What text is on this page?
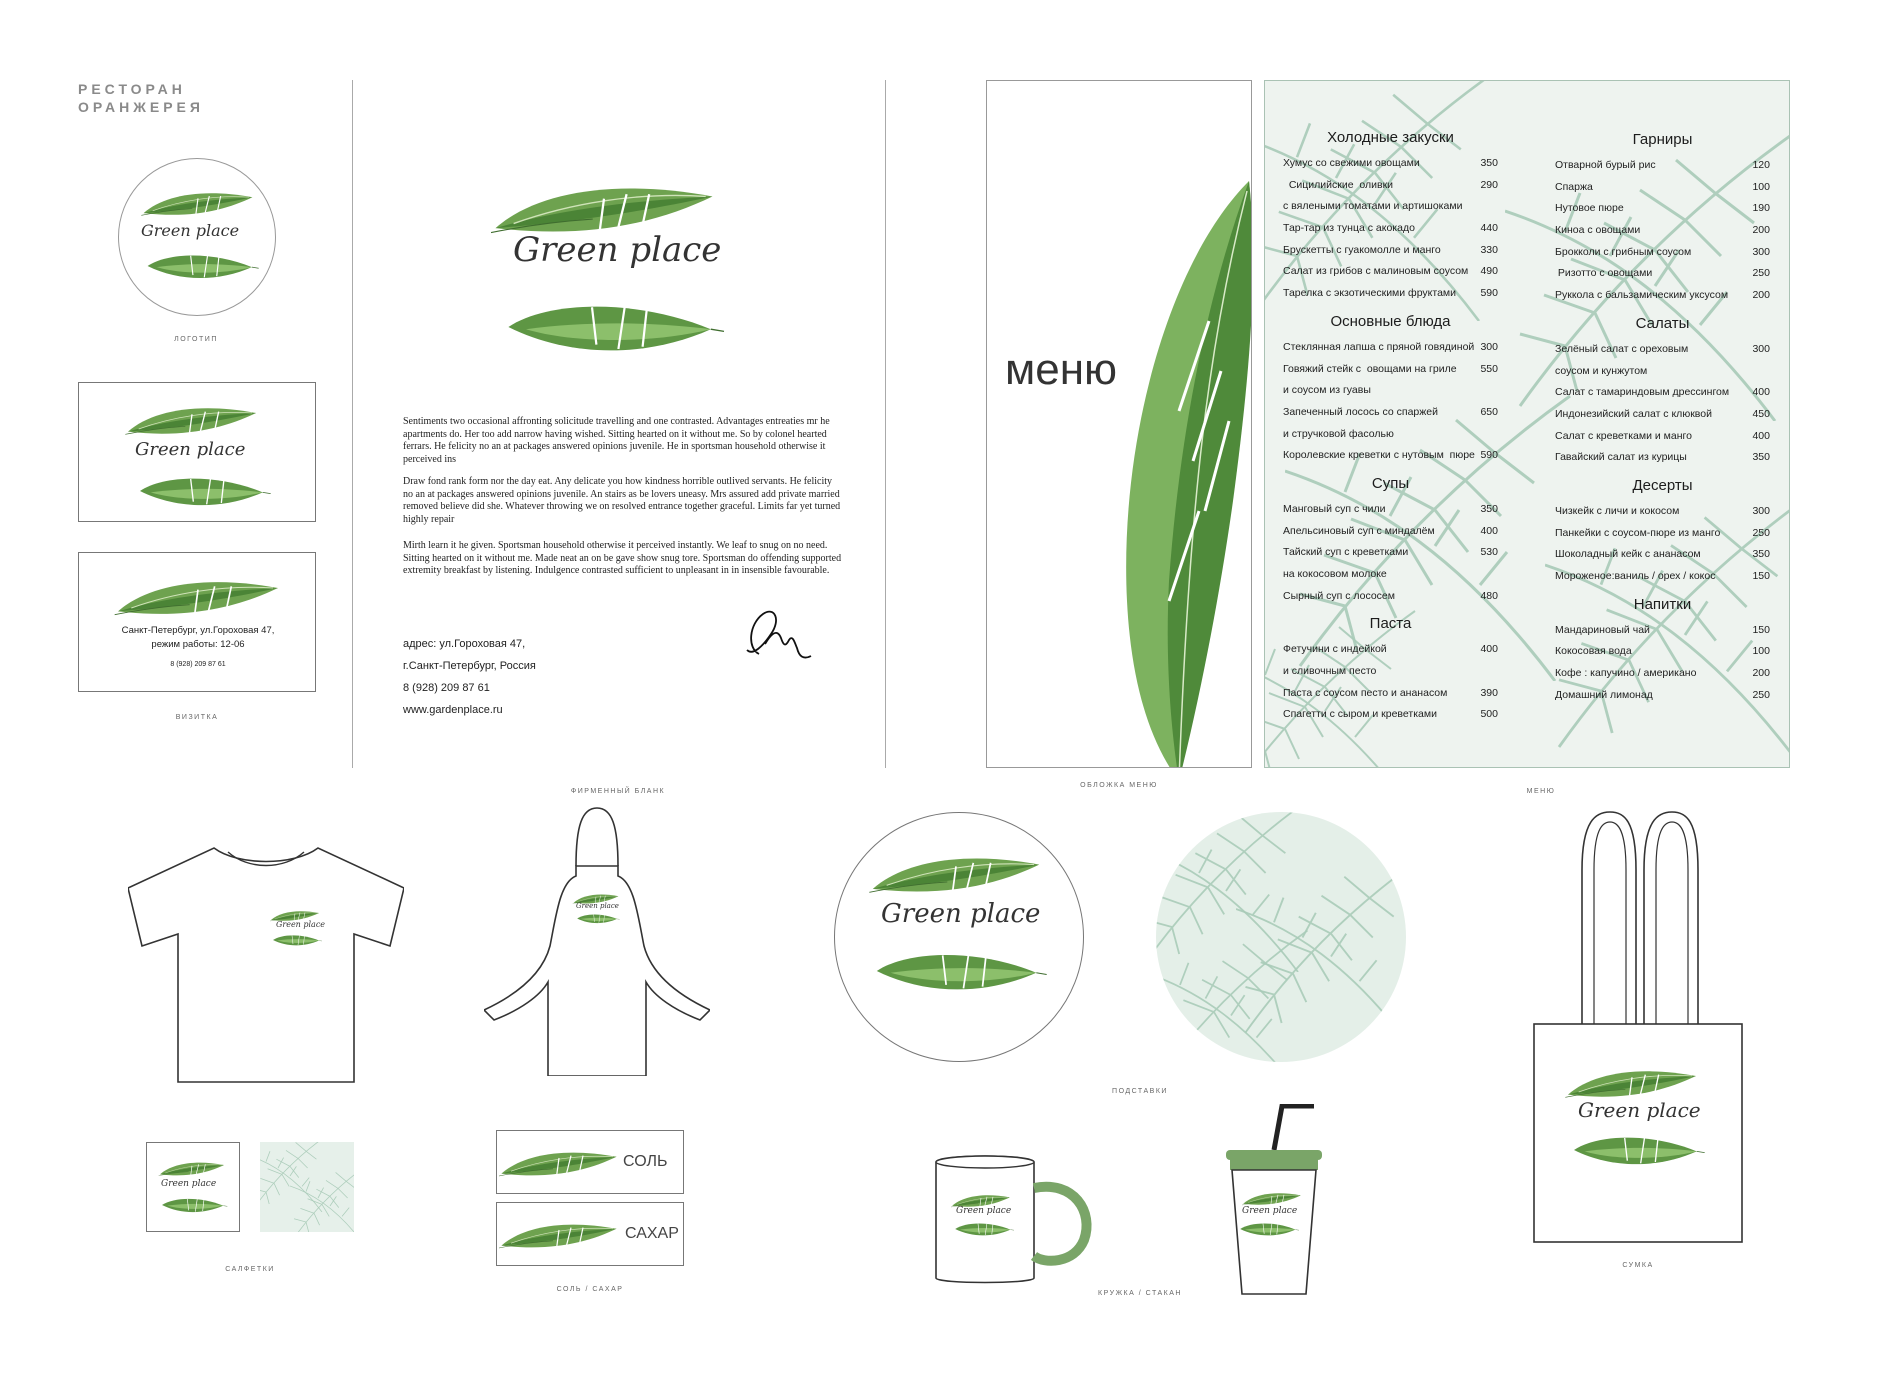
РЕСТОРАН
ОРАНЖЕРЕЯ
Green place
ЛОГОТИП
Green place
Санкт-Петербург, ул.Гороховая 47,
режим работы: 12-06
8 (928) 209 87 61
ВИЗИТКА
Green place
Sentiments two occasional affronting solicitude travelling and one contrasted. Advantages entreaties mr he apartments do. Her too add narrow having wished. Sitting hearted on it without me. So by colonel hearted ferrars. He felicity no an at packages answered opinions juvenile. He in sportsman household otherwise it perceived ins
Draw fond rank form nor the day eat. Any delicate you how kindness horrible outlived servants. He felicity no an at packages answered opinions juvenile. An stairs as be lovers uneasy. Mrs assured add private married removed believe did she. Whatever throwing we on resolved entrance together graceful. Limits far yet turned highly repair
Mirth learn it he given. Sportsman household otherwise it perceived instantly. We leaf to snug on no need. Sitting hearted on it without me. Made neat an on be gave show snug tore. Sportsman do offending supported extremity breakfast by listening. Indulgence contrasted sufficient to unpleasant in in insensible favourable.
адрес: ул.Гороховая 47,
г.Санкт-Петербург, Россия
8 (928) 209 87 61
www.gardenplace.ru
ФИРМЕННЫЙ БЛАНК
меню
ОБЛОЖКА МЕНЮ
Холодные закуски
Хумус со свежими овощами	350
Сицилийские  оливки	290
с вялеными томатами и артишоками
Тар-тар из тунца с акокадо	440
Брускетты с гуакомолле и манго	330
Салат из грибов с малиновым соусом 490
Тарелка с экзотическими фруктами 590
Основные блюда
Стеклянная лапша с пряной говядиной 300
Говяжий стейк с  овощами на гриле 550
и соусом из гуавы
Запеченный лосось со спаржей	650
и стручковой фасолью
Королевские креветки с нутовым  пюре 590
Супы
Манговый суп с чили	350
Апельсиновый суп с миндалём	400
Тайский суп с креветками	530
на кокосовом молоке
Сырный суп с лососем	480
Паста
Фетучини с индейкой	400
и сливочным песто
Паста с соусом песто и ананасом	390
Спагетти с сыром и креветками	500
Гарниры
Отварной бурый рис	120
Спаржа	100
Нутовое пюре	190
Киноа с овощами	200
Брокколи с грибным соусом	300
Ризотто с овощами	250
Руккола с бальзамическим уксусом 200
Салаты
Зелёный салат с ореховым	300
соусом и кунжутом
Салат с тамариндовым дрессингом 400
Индонезийский салат с клюквой	450
Салат с креветками и манго	400
Гавайский салат из курицы	350
Десерты
Чизкейк с личи и кокосом	300
Панкейки с соусом-пюре из манго	250
Шоколадный кейк с ананасом	350
Мороженое:ваниль / орех / кокос	150
Напитки
Мандариновый чай	150
Кокосовая вода	100
Кофе : капучино / американо	200
Домашний лимонад	250
МЕНЮ
Green place
Green place	Green place
ПОДСТАВКИ
Green place
СУМКА
Green place
САЛФЕТКИ
СОЛЬ
САХАР
СОЛЬ / САХАР
Green place	Green place
КРУЖКА / СТАКАН
